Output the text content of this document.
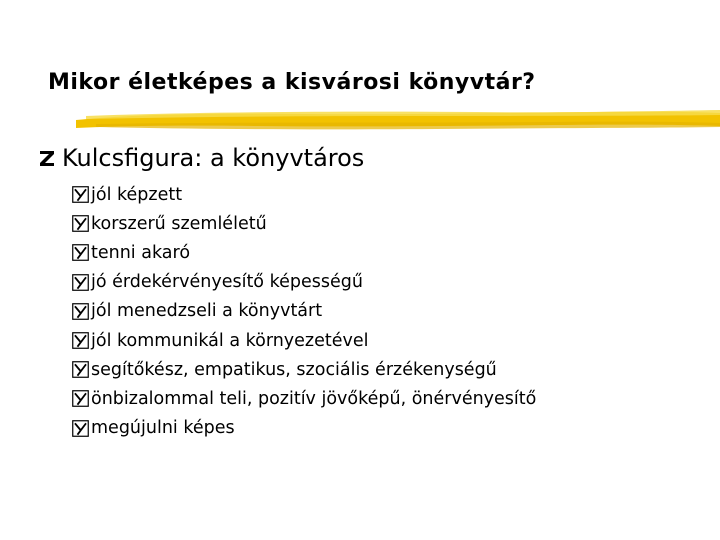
Mikor életképes a kisvárosi könyvtár?
Kulcsfigura: a könyvtáros
jól képzett
korszerű szemléletű
tenni akaró
jó érdekérvényesítő képességű
jól menedzseli a könyvtárt
jól kommunikál a környezetével
segítőkész, empatikus, szociális érzékenységű
önbizalommal teli, pozitív jövőképű, önérvényesítő
megújulni képes
